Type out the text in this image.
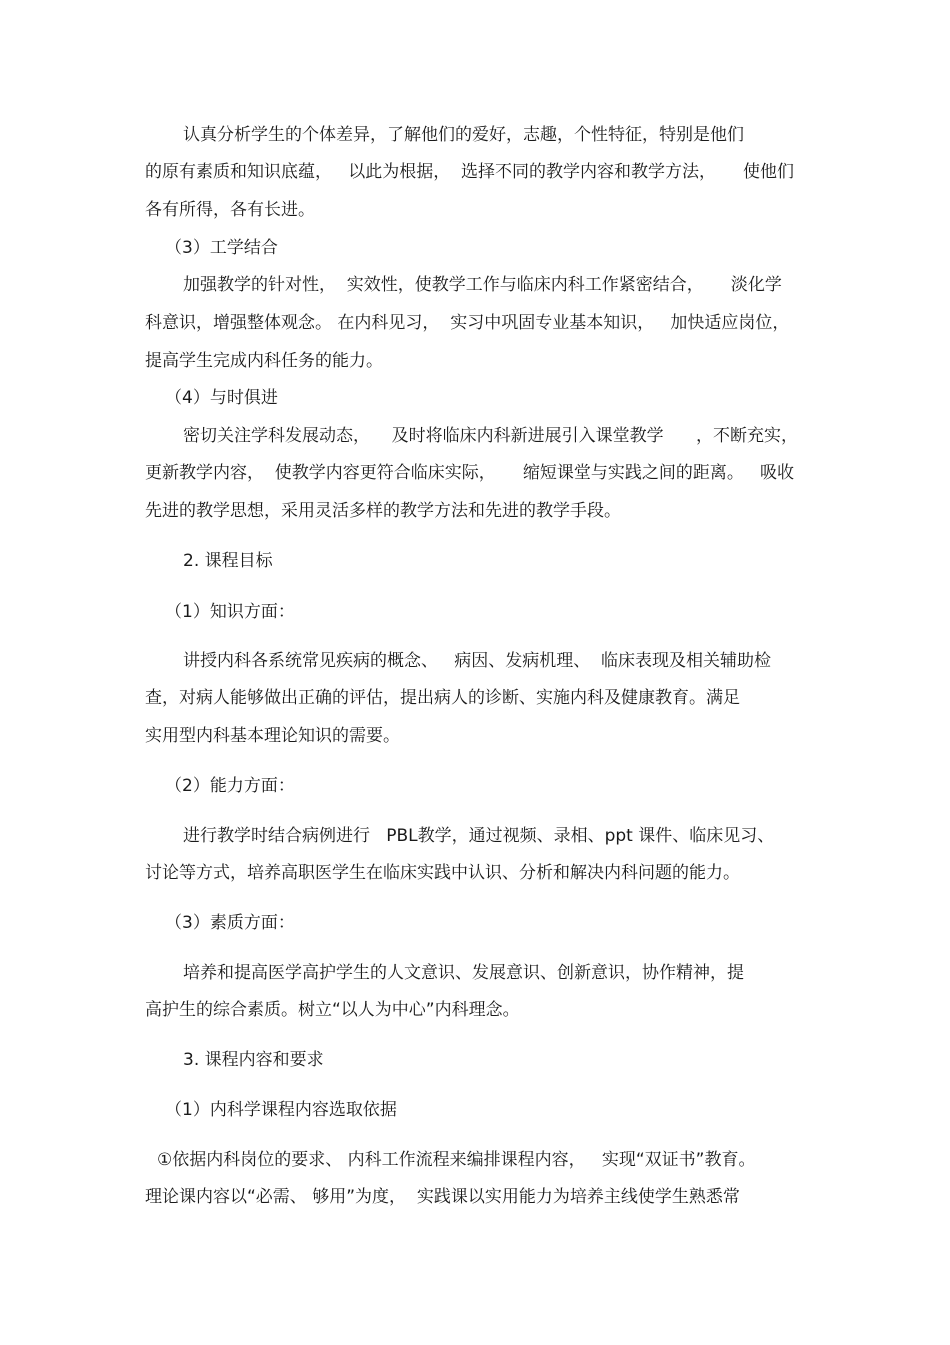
认真分析学生的个体差异，了解他们的爱好，志趣，个性特征，特别是他们

的原有素质和知识底蕴，   以此为根据，  选择不同的教学内容和教学方法，     使他们

各有所得，各有长进。

（3）工学结合

加强教学的针对性，  实效性，使教学工作与临床内科工作紧密结合，     淡化学

科意识，增强整体观念。 在内科见习，  实习中巩固专业基本知识，   加快适应岗位，

提高学生完成内科任务的能力。

（4）与时俱进

密切关注学科发展动态，    及时将临床内科新进展引入课堂教学      ，不断充实，

更新教学内容，  使教学内容更符合临床实际，     缩短课堂与实践之间的距离。   吸收

先进的教学思想，采用灵活多样的教学方法和先进的教学手段。

2. 课程目标

（1）知识方面：

讲授内科各系统常见疾病的概念、   病因、发病机理、  临床表现及相关辅助检

查，对病人能够做出正确的评估，提出病人的诊断、实施内科及健康教育。满足

实用型内科基本理论知识的需要。

（2）能力方面：

进行教学时结合病例进行   PBL教学，通过视频、录相、ppt 课件、临床见习、

讨论等方式，培养高职医学生在临床实践中认识、分析和解决内科问题的能力。

（3）素质方面：

培养和提高医学高护学生的人文意识、发展意识、创新意识，协作精神，提

高护生的综合素质。树立“以人为中心”内科理念。

3. 课程内容和要求

（1）内科学课程内容选取依据

①依据内科岗位的要求、 内科工作流程来编排课程内容，   实现“双证书”教育。

理论课内容以“必需、 够用”为度，  实践课以实用能力为培养主线使学生熟悉常
